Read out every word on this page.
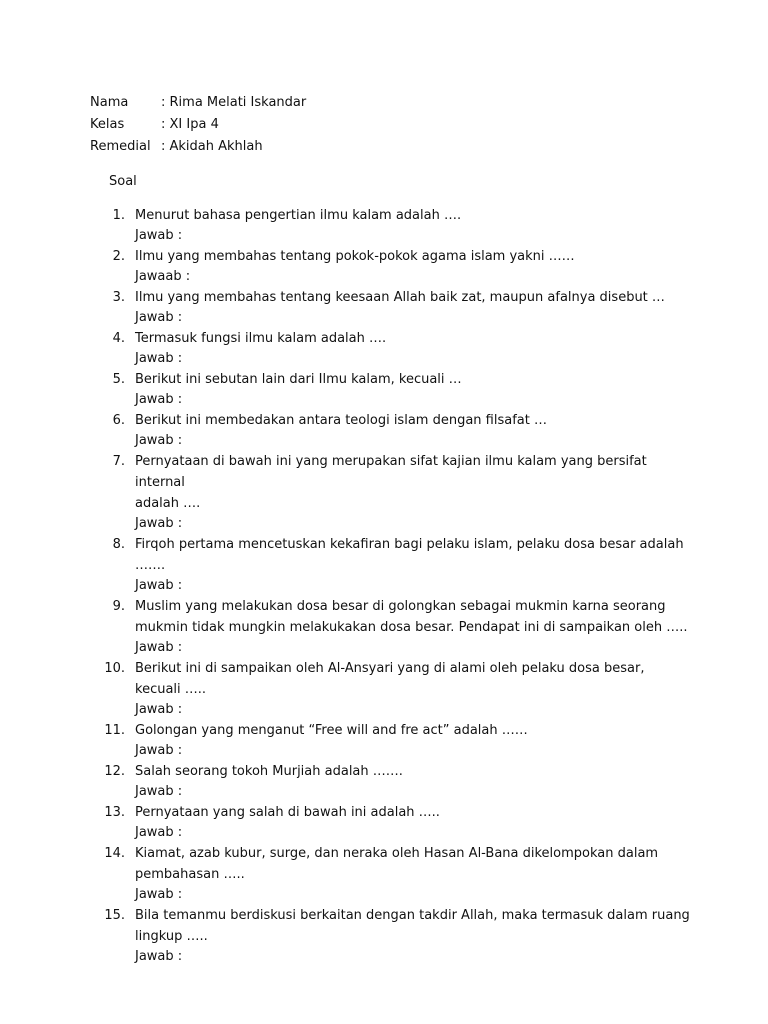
Nama	: Rima Melati Iskandar
Kelas	: XI Ipa 4
Remedial : Akidah Akhlah
Soal
1. Menurut bahasa pengertian ilmu kalam adalah ….
Jawab :
2. Ilmu yang membahas tentang pokok-pokok agama islam yakni ……
Jawaab :
3. Ilmu yang membahas tentang keesaan Allah baik zat, maupun afalnya disebut …
Jawab :
4. Termasuk fungsi ilmu kalam adalah ….
Jawab :
5. Berikut ini sebutan lain dari Ilmu kalam, kecuali …
Jawab :
6. Berikut ini membedakan antara teologi islam dengan filsafat …
Jawab :
7. Pernyataan di bawah ini yang merupakan sifat kajian ilmu kalam yang bersifat internal
adalah ….
Jawab :
8. Firqoh pertama mencetuskan kekafiran bagi pelaku islam, pelaku dosa besar adalah …….
Jawab :
9. Muslim yang melakukan dosa besar di golongkan sebagai mukmin karna seorang
mukmin tidak mungkin melakukakan dosa besar. Pendapat ini di sampaikan oleh …..
Jawab :
10. Berikut ini di sampaikan oleh Al-Ansyari yang di alami oleh pelaku dosa besar, kecuali …..
Jawab :
11. Golongan yang menganut “Free will and fre act” adalah ……
Jawab :
12. Salah seorang tokoh Murjiah adalah …….
Jawab :
13. Pernyataan yang salah di bawah ini adalah …..
Jawab :
14. Kiamat, azab kubur, surge, dan neraka oleh Hasan Al-Bana dikelompokan dalam
pembahasan …..
Jawab :
15. Bila temanmu berdiskusi berkaitan dengan takdir Allah, maka termasuk dalam ruang
lingkup …..
Jawab :
